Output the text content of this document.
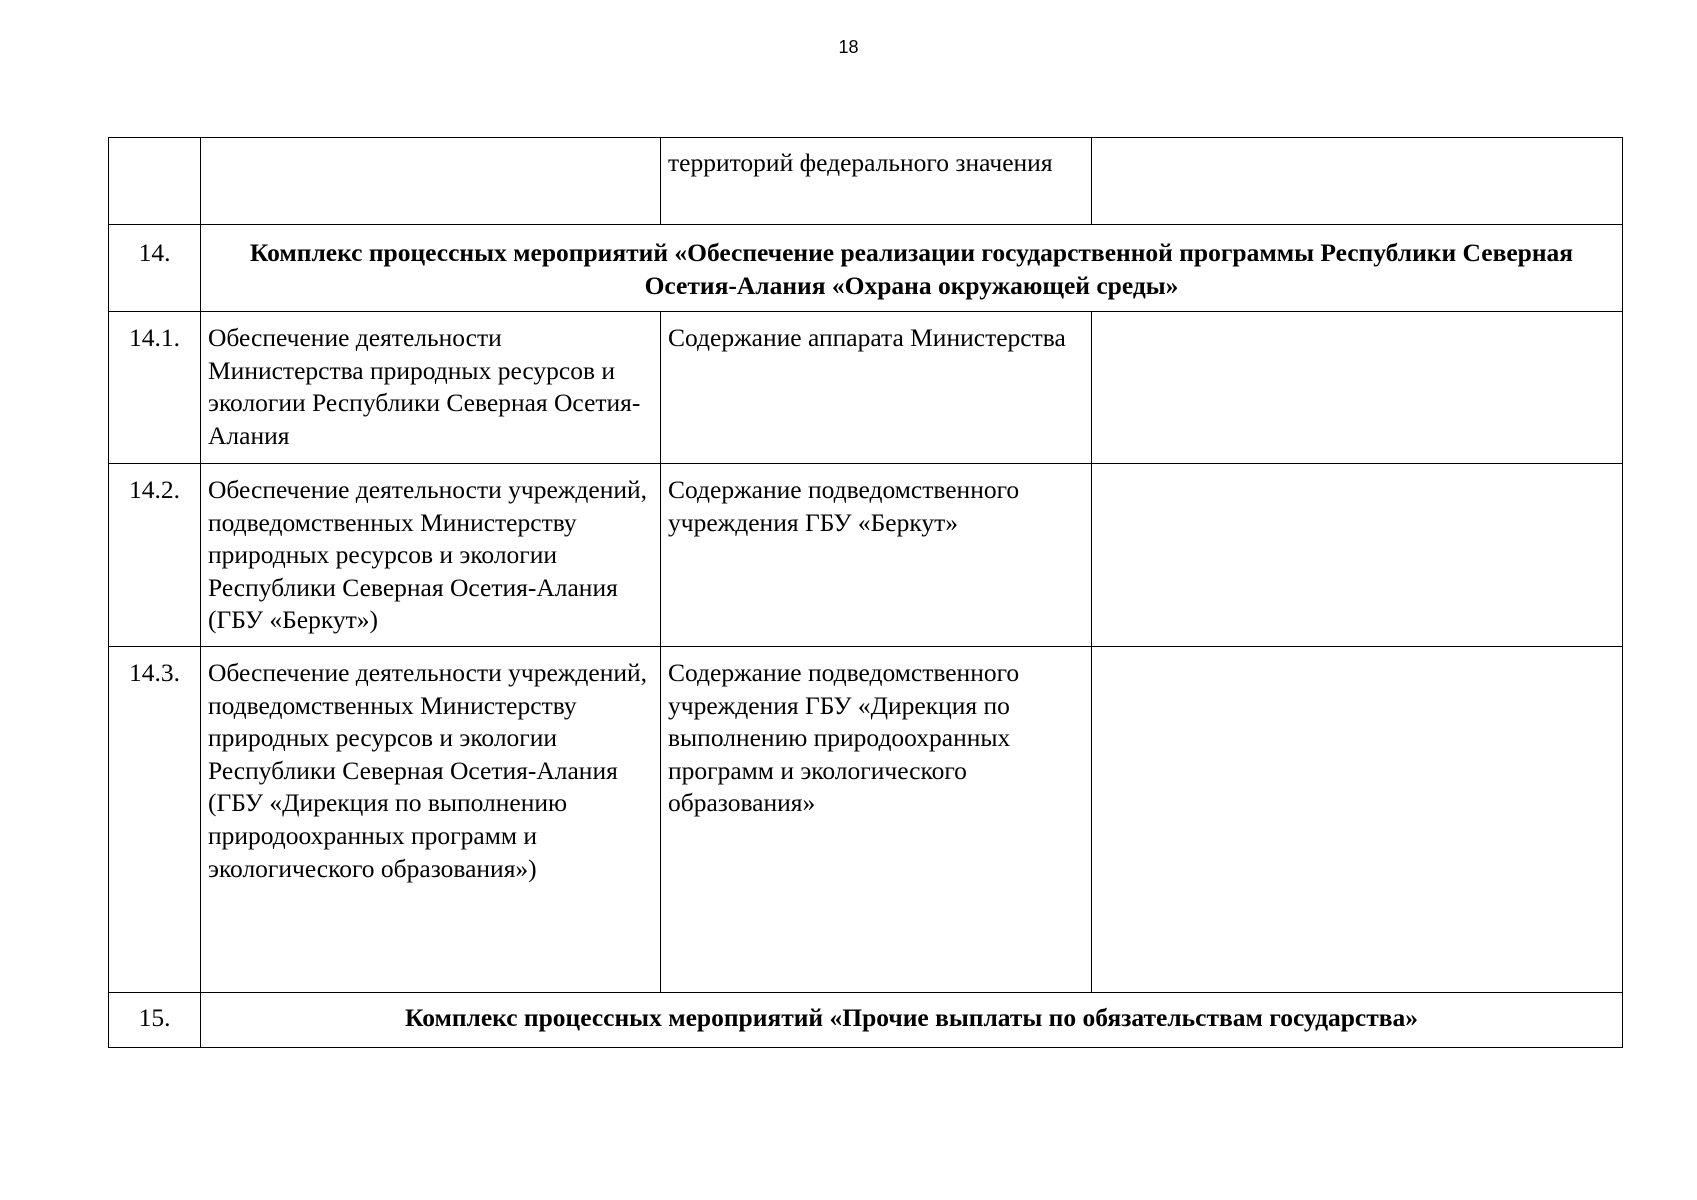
18
		территорий федерального значения	
14.	Комплекс процессных мероприятий «Обеспечение реализации государственной программы Республики Северная Осетия-Алания «Охрана окружающей среды»		
14.1.	Обеспечение деятельности Министерства природных ресурсов и экологии Республики Северная Осетия-Алания	Содержание аппарата Министерства	
14.2.	Обеспечение деятельности учреждений, подведомственных Министерству природных ресурсов и экологии Республики Северная Осетия-Алания (ГБУ «Беркут»)	Содержание подведомственного учреждения ГБУ «Беркут»	
14.3.	Обеспечение деятельности учреждений, подведомственных Министерству природных ресурсов и экологии Республики Северная Осетия-Алания (ГБУ «Дирекция по выполнению природоохранных программ и экологического образования»)	Содержание подведомственного учреждения ГБУ «Дирекция по выполнению природоохранных программ и экологического образования»	
15.	Комплекс процессных мероприятий «Прочие выплаты по обязательствам государства»		
